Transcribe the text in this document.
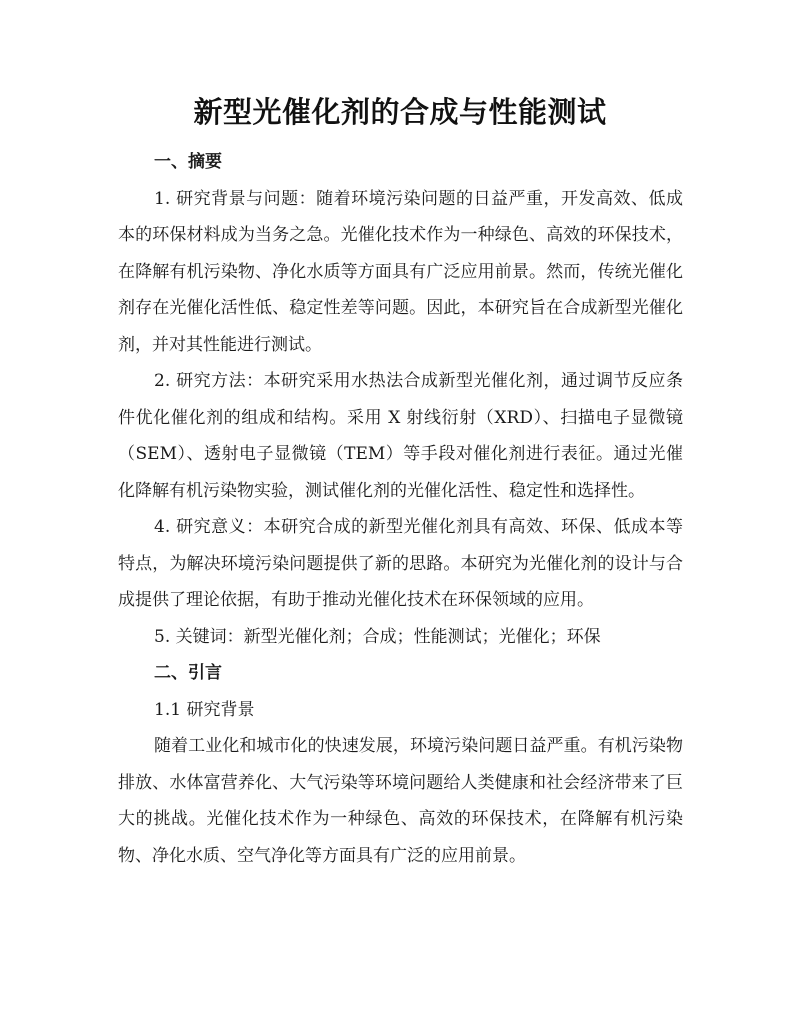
新型光催化剂的合成与性能测试
一、摘要

1. 研究背景与问题：随着环境污染问题的日益严重，开发高效、低成本的环保材料成为当务之急。光催化技术作为一种绿色、高效的环保技术，在降解有机污染物、净化水质等方面具有广泛应用前景。然而，传统光催化剂存在光催化活性低、稳定性差等问题。因此，本研究旨在合成新型光催化剂，并对其性能进行测试。

2. 研究方法：本研究采用水热法合成新型光催化剂，通过调节反应条件优化催化剂的组成和结构。采用 X 射线衍射（XRD）、扫描电子显微镜（SEM）、透射电子显微镜（TEM）等手段对催化剂进行表征。通过光催化降解有机污染物实验，测试催化剂的光催化活性、稳定性和选择性。

4. 研究意义：本研究合成的新型光催化剂具有高效、环保、低成本等特点，为解决环境污染问题提供了新的思路。本研究为光催化剂的设计与合成提供了理论依据，有助于推动光催化技术在环保领域的应用。

5. 关键词：新型光催化剂；合成；性能测试；光催化；环保

二、引言

1.1 研究背景

随着工业化和城市化的快速发展，环境污染问题日益严重。有机污染物排放、水体富营养化、大气污染等环境问题给人类健康和社会经济带来了巨大的挑战。光催化技术作为一种绿色、高效的环保技术，在降解有机污染物、净化水质、空气净化等方面具有广泛的应用前景。
